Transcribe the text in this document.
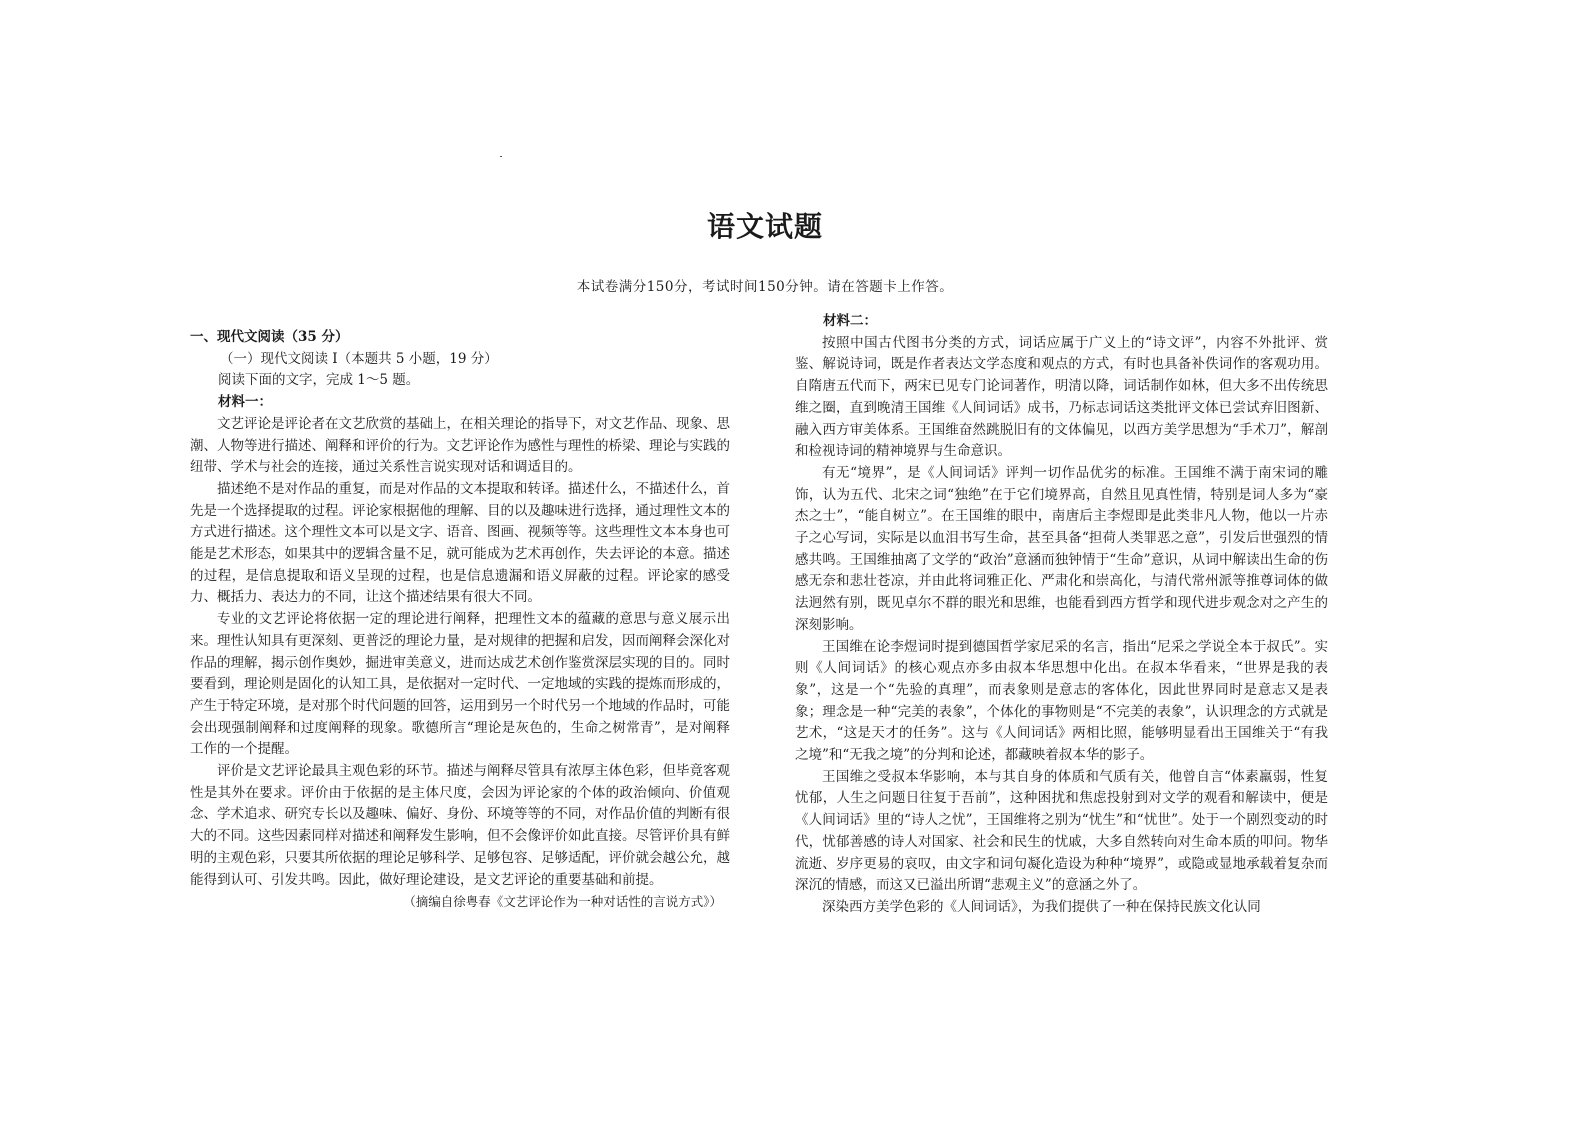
语文试题
本试卷满分150分，考试时间150分钟。请在答题卡上作答。

一、现代文阅读（35 分）

（一）现代文阅读 I（本题共 5 小题，19 分）

阅读下面的文字，完成 1～5 题。

材料一：

文艺评论是评论者在文艺欣赏的基础上，在相关理论的指导下，对文艺作品、现象、思潮、人物等进行描述、阐释和评价的行为。文艺评论作为感性与理性的桥梁、理论与实践的纽带、学术与社会的连接，通过关系性言说实现对话和调适目的。

描述绝不是对作品的重复，而是对作品的文本提取和转译。描述什么，不描述什么，首先是一个选择提取的过程。评论家根据他的理解、目的以及趣味进行选择，通过理性文本的方式进行描述。这个理性文本可以是文字、语音、图画、视频等等。这些理性文本本身也可能是艺术形态，如果其中的逻辑含量不足，就可能成为艺术再创作，失去评论的本意。描述的过程，是信息提取和语义呈现的过程，也是信息遗漏和语义屏蔽的过程。评论家的感受力、概括力、表达力的不同，让这个描述结果有很大不同。

专业的文艺评论将依据一定的理论进行阐释，把理性文本的蕴藏的意思与意义展示出来。理性认知具有更深刻、更普泛的理论力量，是对规律的把握和启发，因而阐释会深化对作品的理解，揭示创作奥妙，掘进审美意义，进而达成艺术创作鉴赏深层实现的目的。同时要看到，理论则是固化的认知工具，是依据对一定时代、一定地域的实践的提炼而形成的，产生于特定环境，是对那个时代问题的回答，运用到另一个时代另一个地域的作品时，可能会出现强制阐释和过度阐释的现象。歌德所言“理论是灰色的，生命之树常青”，是对阐释工作的一个提醒。

评价是文艺评论最具主观色彩的环节。描述与阐释尽管具有浓厚主体色彩，但毕竟客观性是其外在要求。评价由于依据的是主体尺度，会因为评论家的个体的政治倾向、价值观念、学术追求、研究专长以及趣味、偏好、身份、环境等等的不同，对作品价值的判断有很大的不同。这些因素同样对描述和阐释发生影响，但不会像评价如此直接。尽管评价具有鲜明的主观色彩，只要其所依据的理论足够科学、足够包容、足够适配，评价就会越公允，越能得到认可、引发共鸣。因此，做好理论建设，是文艺评论的重要基础和前提。

（摘编自徐粤春《文艺评论作为一种对话性的言说方式》）

材料二：

按照中国古代图书分类的方式，词话应属于广义上的“诗文评”，内容不外批评、赏鉴、解说诗词，既是作者表达文学态度和观点的方式，有时也具备补佚词作的客观功用。自隋唐五代而下，两宋已见专门论词著作，明清以降，词话制作如林，但大多不出传统思维之圈，直到晚清王国维《人间词话》成书，乃标志词话这类批评文体已尝试弃旧图新、融入西方审美体系。王国维奋然跳脱旧有的文体偏见，以西方美学思想为“手术刀”，解剖和检视诗词的精神境界与生命意识。

有无“境界”，是《人间词话》评判一切作品优劣的标准。王国维不满于南宋词的雕饰，认为五代、北宋之词“独绝”在于它们境界高，自然且见真性情，特别是词人多为“豪杰之士”，“能自树立”。在王国维的眼中，南唐后主李煜即是此类非凡人物，他以一片赤子之心写词，实际是以血泪书写生命，甚至具备“担荷人类罪恶之意”，引发后世强烈的情感共鸣。王国维抽离了文学的“政治”意涵而独钟情于“生命”意识，从词中解读出生命的伤感无奈和悲壮苍凉，并由此将词雅正化、严肃化和崇高化，与清代常州派等推尊词体的做法迥然有别，既见卓尔不群的眼光和思维，也能看到西方哲学和现代进步观念对之产生的深刻影响。

王国维在论李煜词时提到德国哲学家尼采的名言，指出“尼采之学说全本于叔氏”。实则《人间词话》的核心观点亦多由叔本华思想中化出。在叔本华看来，“世界是我的表象”，这是一个“先验的真理”，而表象则是意志的客体化，因此世界同时是意志又是表象；理念是一种“完美的表象”，个体化的事物则是“不完美的表象”，认识理念的方式就是艺术，“这是天才的任务”。这与《人间词话》两相比照，能够明显看出王国维关于“有我之境”和“无我之境”的分判和论述，都藏映着叔本华的影子。

王国维之受叔本华影响，本与其自身的体质和气质有关，他曾自言“体素羸弱，性复忧郁，人生之问题日往复于吾前”，这种困扰和焦虑投射到对文学的观看和解读中，便是《人间词话》里的“诗人之忧”，王国维将之别为“忧生”和“忧世”。处于一个剧烈变动的时代，忧郁善感的诗人对国家、社会和民生的忧戚，大多自然转向对生命本质的叩问。物华流逝、岁序更易的哀叹，由文字和词句凝化造设为种种“境界”，或隐或显地承载着复杂而深沉的情感，而这又已溢出所谓“悲观主义”的意涵之外了。

深染西方美学色彩的《人间词话》，为我们提供了一种在保持民族文化认同
